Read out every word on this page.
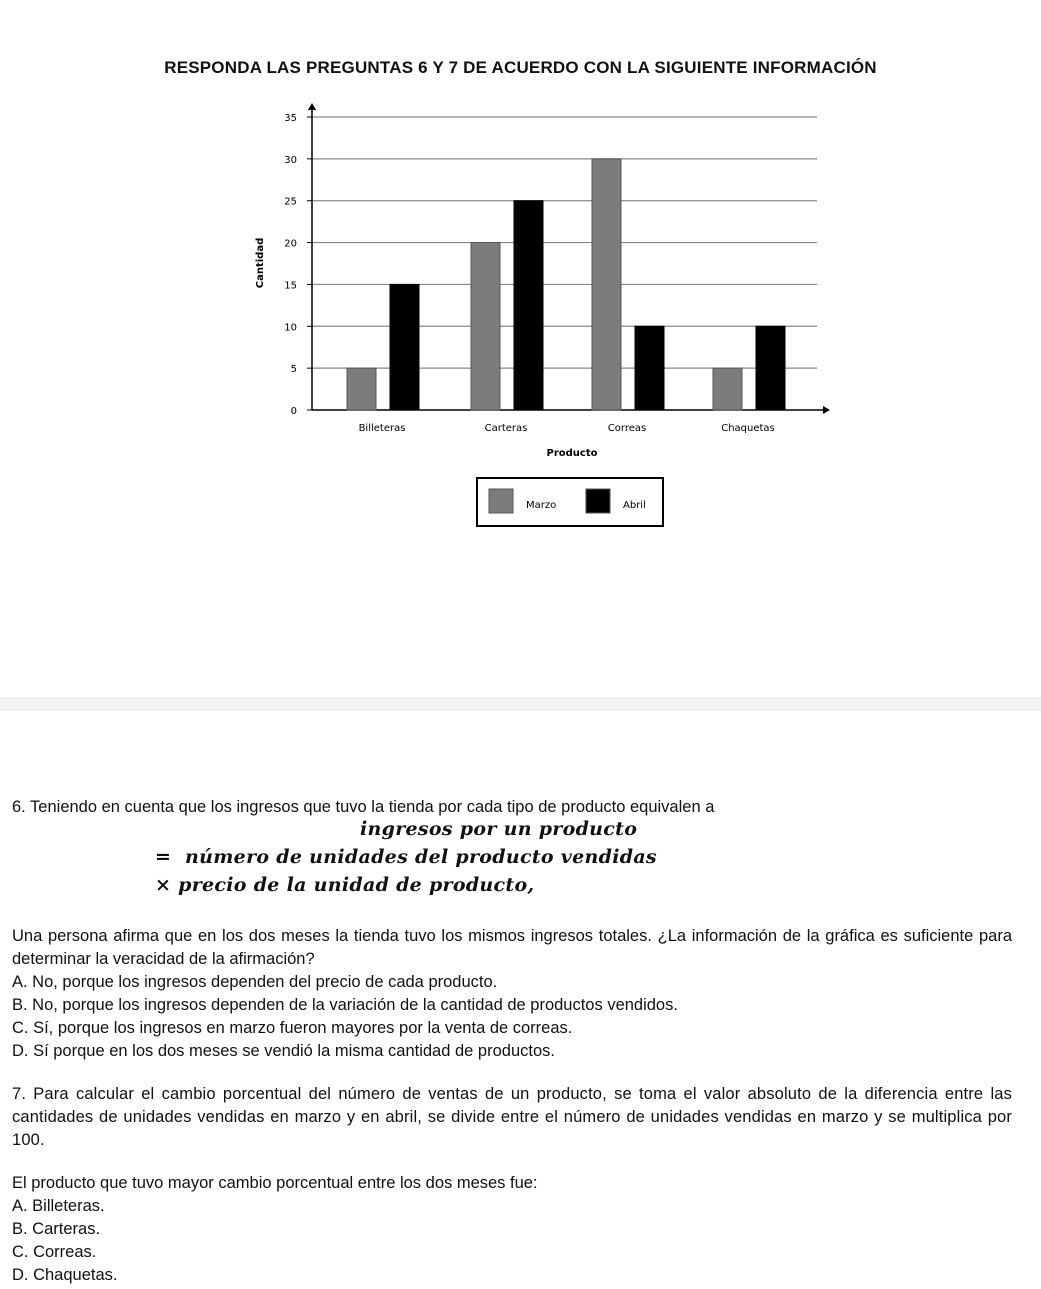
RESPONDA LAS PREGUNTAS 6 Y 7 DE ACUERDO CON LA SIGUIENTE INFORMACIÓN
0
5
10
15
20
25
30
35
Billeteras	Carteras	Correas	Chaquetas
Producto
Cantidad
Marzo	Abril
6. Teniendo en cuenta que los ingresos que tuvo la tienda por cada tipo de producto equivalen a
ingresos por un producto
=  número de unidades del producto vendidas
× precio de la unidad de producto,
Una persona afirma que en los dos meses la tienda tuvo los mismos ingresos totales. ¿La información de la gráfica es suficiente para determinar la veracidad de la afirmación?
A. No, porque los ingresos dependen del precio de cada producto.
B. No, porque los ingresos dependen de la variación de la cantidad de productos vendidos.
C. Sí, porque los ingresos en marzo fueron mayores por la venta de correas.
D. Sí porque en los dos meses se vendió la misma cantidad de productos.
7. Para calcular el cambio porcentual del número de ventas de un producto, se toma el valor absoluto de la diferencia entre las cantidades de unidades vendidas en marzo y en abril, se divide entre el número de unidades vendidas en marzo y se multiplica por 100.
El producto que tuvo mayor cambio porcentual entre los dos meses fue:
A. Billeteras.
B. Carteras.
C. Correas.
D. Chaquetas.
